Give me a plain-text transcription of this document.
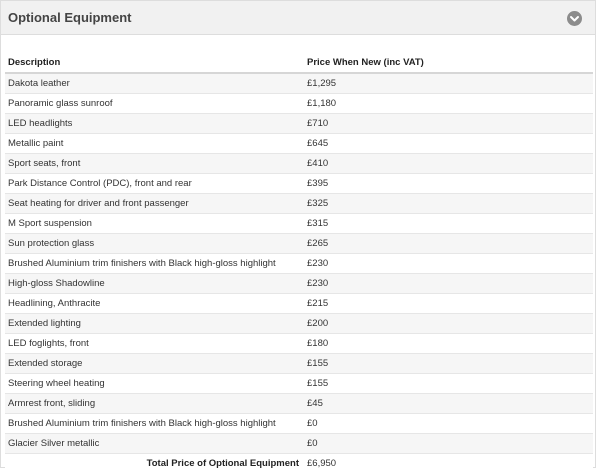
Optional Equipment
Description	Price When New (inc VAT)
Dakota leather	£1,295
Panoramic glass sunroof	£1,180
LED headlights	£710
Metallic paint	£645
Sport seats, front	£410
Park Distance Control (PDC), front and rear	£395
Seat heating for driver and front passenger	£325
M Sport suspension	£315
Sun protection glass	£265
Brushed Aluminium trim finishers with Black high-gloss highlight	£230
High-gloss Shadowline	£230
Headlining, Anthracite	£215
Extended lighting	£200
LED foglights, front	£180
Extended storage	£155
Steering wheel heating	£155
Armrest front, sliding	£45
Brushed Aluminium trim finishers with Black high-gloss highlight	£0
Glacier Silver metallic	£0
Total Price of Optional Equipment	£6,950
